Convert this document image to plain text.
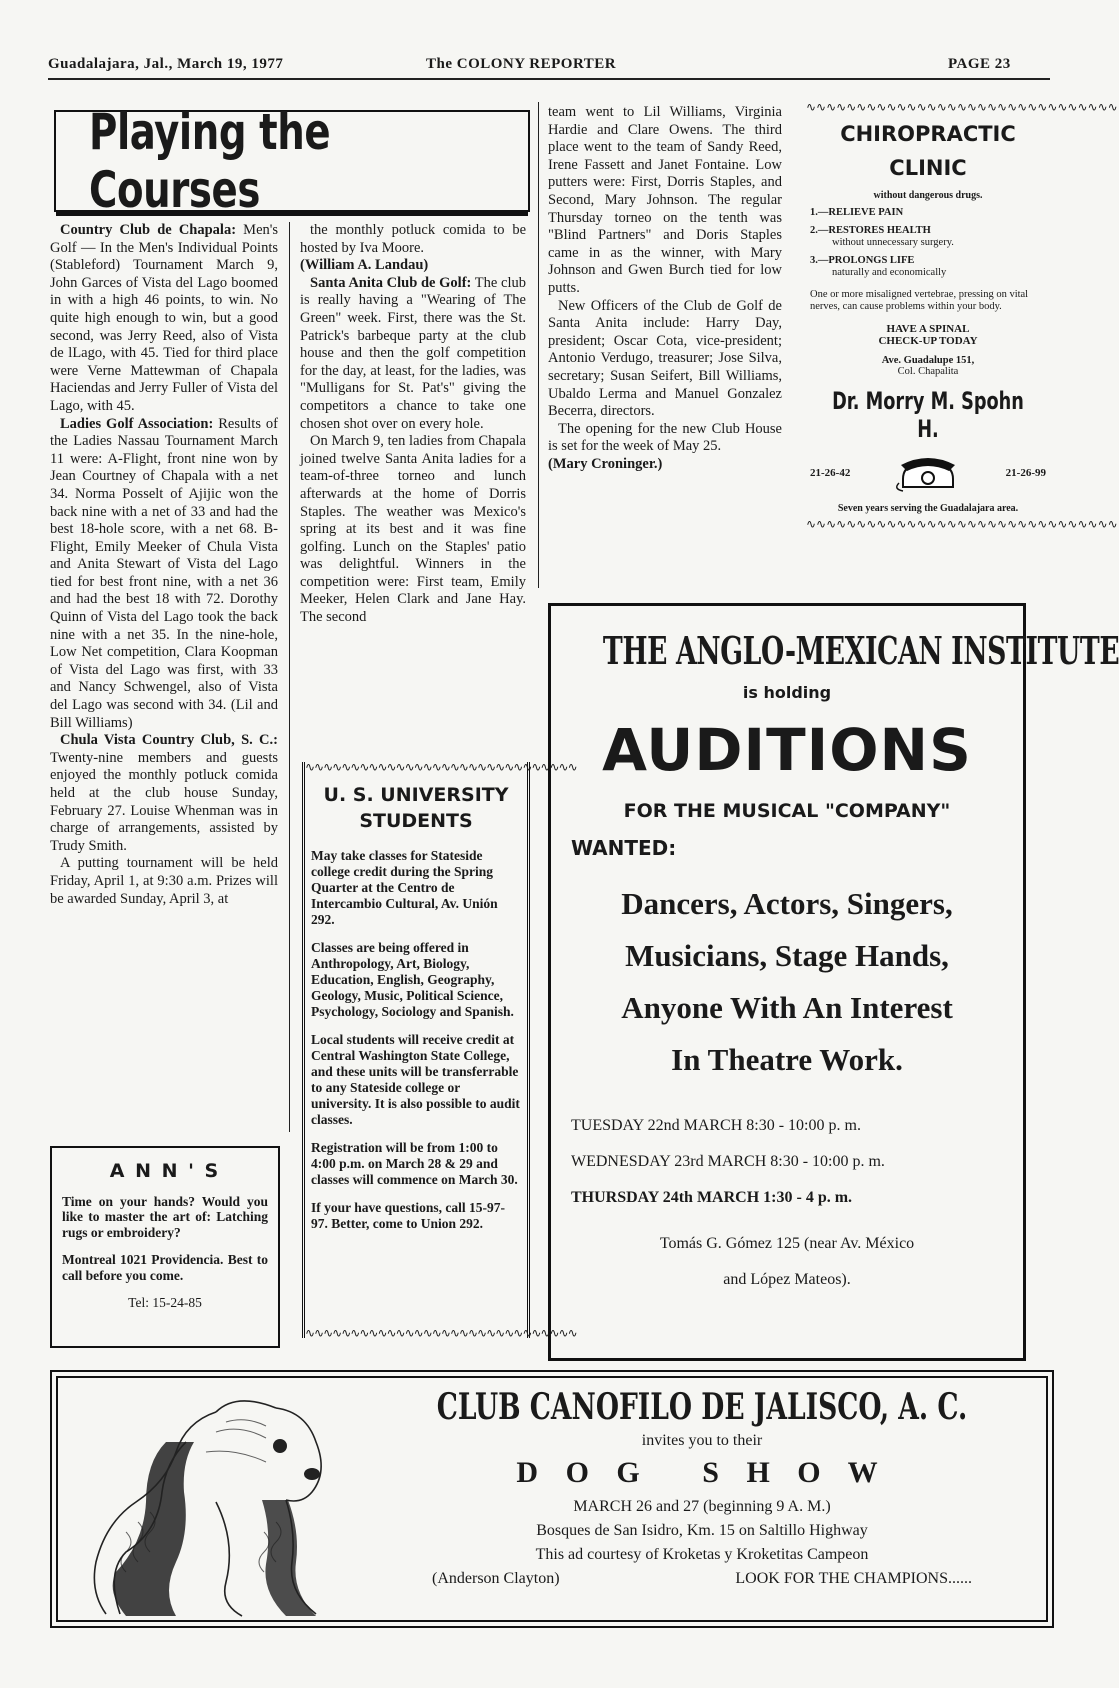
Guadalajara, Jal., March 19, 1977	The COLONY REPORTER	PAGE 23
Playing the Courses

Country Club de Chapala: Men's Golf — In the Men's Individual Points (Stableford) Tournament March 9, John Garces of Vista del Lago boomed in with a high 46 points, to win. No quite high enough to win, but a good second, was Jerry Reed, also of Vista de lLago, with 45. Tied for third place were Verne Mattewman of Chapala Haciendas and Jerry Fuller of Vista del Lago, with 45.

Ladies Golf Association: Results of the Ladies Nassau Tournament March 11 were: A-Flight, front nine won by Jean Courtney of Chapala with a net 34. Norma Posselt of Ajijic won the back nine with a net of 33 and had the best 18-hole score, with a net 68. B-Flight, Emily Meeker of Chula Vista and Anita Stewart of Vista del Lago tied for best front nine, with a net 36 and had the best 18 with 72. Dorothy Quinn of Vista del Lago took the back nine with a net 35. In the nine-hole, Low Net competition, Clara Koopman of Vista del Lago was first, with 33 and Nancy Schwengel, also of Vista del Lago was second with 34. (Lil and Bill Williams)

Chula Vista Country Club, S. C.: Twenty-nine members and guests enjoyed the monthly potluck comida held at the club house Sunday, February 27. Louise Whenman was in charge of arrangements, assisted by Trudy Smith.

A putting tournament will be held Friday, April 1, at 9:30 a.m. Prizes will be awarded Sunday, April 3, at

the monthly potluck comida to be hosted by Iva Moore.

(William A. Landau)

Santa Anita Club de Golf: The club is really having a "Wearing of The Green" week. First, there was the St. Patrick's barbeque party at the club house and then the golf competition for the day, at least, for the ladies, was "Mulligans for St. Pat's" giving the competitors a chance to take one chosen shot over on every hole.

On March 9, ten ladies from Chapala joined twelve Santa Anita ladies for a team-of-three torneo and lunch afterwards at the home of Dorris Staples. The weather was Mexico's spring at its best and it was fine golfing. Lunch on the Staples' patio was delightful. Winners in the competition were: First team, Emily Meeker, Helen Clark and Jane Hay. The second

team went to Lil Williams, Virginia Hardie and Clare Owens. The third place went to the team of Sandy Reed, Irene Fassett and Janet Fontaine. Low putters were: First, Dorris Staples, and Second, Mary Johnson. The regular Thursday torneo on the tenth was "Blind Partners" and Doris Staples came in as the winner, with Mary Johnson and Gwen Burch tied for low putts.

New Officers of the Club de Golf de Santa Anita include: Harry Day, president; Oscar Cota, vice-president; Antonio Verdugo, treasurer; Jose Silva, secretary; Susan Seifert, Bill Williams, Ubaldo Lerma and Manuel Gonzalez Becerra, directors.

The opening for the new Club House is set for the week of May 25.

(Mary Croninger.)

∿∿∿∿∿∿∿∿∿∿∿∿∿∿∿∿∿∿∿∿∿∿∿∿∿∿∿∿∿∿∿
CHIROPRACTIC
CLINIC
without dangerous drugs.
1.—RELIEVE PAIN
2.—RESTORES HEALTH
without unnecessary surgery.
3.—PROLONGS LIFE
naturally and economically
One or more misaligned vertebrae, pressing on vital nerves, can cause problems within your body.
HAVE A SPINAL
CHECK-UP TODAY
Ave. Guadalupe 151,
Col. Chapalita
Dr. Morry M. Spohn H.
21-26-42	21-26-99
Seven years serving the Guadalajara area.
∿∿∿∿∿∿∿∿∿∿∿∿∿∿∿∿∿∿∿∿∿∿∿∿∿∿∿∿∿∿∿
∿∿∿∿∿∿∿∿∿∿∿∿∿∿∿∿∿∿∿∿∿∿∿∿∿∿∿∿∿∿
U. S. UNIVERSITY STUDENTS

May take classes for Stateside college credit during the Spring Quarter at the Centro de Intercambio Cultural, Av. Unión 292.

Classes are being offered in Anthropology, Art, Biology, Education, English, Geography, Geology, Music, Political Science, Psychology, Sociology and Spanish.

Local students will receive credit at Central Washington State College, and these units will be transferrable to any Stateside college or university. It is also possible to audit classes.

Registration will be from 1:00 to 4:00 p.m. on March 28 & 29 and classes will commence on March 30.

If your have questions, call 15-97-97. Better, come to Union 292.

∿∿∿∿∿∿∿∿∿∿∿∿∿∿∿∿∿∿∿∿∿∿∿∿∿∿∿∿∿∿
A N N ' S
Time on your hands? Would you like to master the art of: Latching rugs or embroidery?
Montreal 1021 Providencia. Best to call before you come.
Tel: 15-24-85
THE ANGLO-MEXICAN INSTITUTE
is holding
AUDITIONS
FOR THE MUSICAL "COMPANY"
WANTED:
Dancers, Actors, Singers,
Musicians, Stage Hands,
Anyone With An Interest
In Theatre Work.
TUESDAY 22nd MARCH 8:30 - 10:00 p. m.
WEDNESDAY 23rd MARCH 8:30 - 10:00 p. m.
THURSDAY 24th MARCH 1:30 - 4 p. m.
Tomás G. Gómez 125 (near Av. México
and López Mateos).
CLUB CANOFILO DE JALISCO, A. C.
invites you to their
D O G   S H O W
MARCH 26 and 27 (beginning 9 A. M.)
Bosques de San Isidro, Km. 15 on Saltillo Highway
This ad courtesy of Kroketas y Kroketitas Campeon
(Anderson Clayton)	LOOK FOR THE CHAMPIONS......
